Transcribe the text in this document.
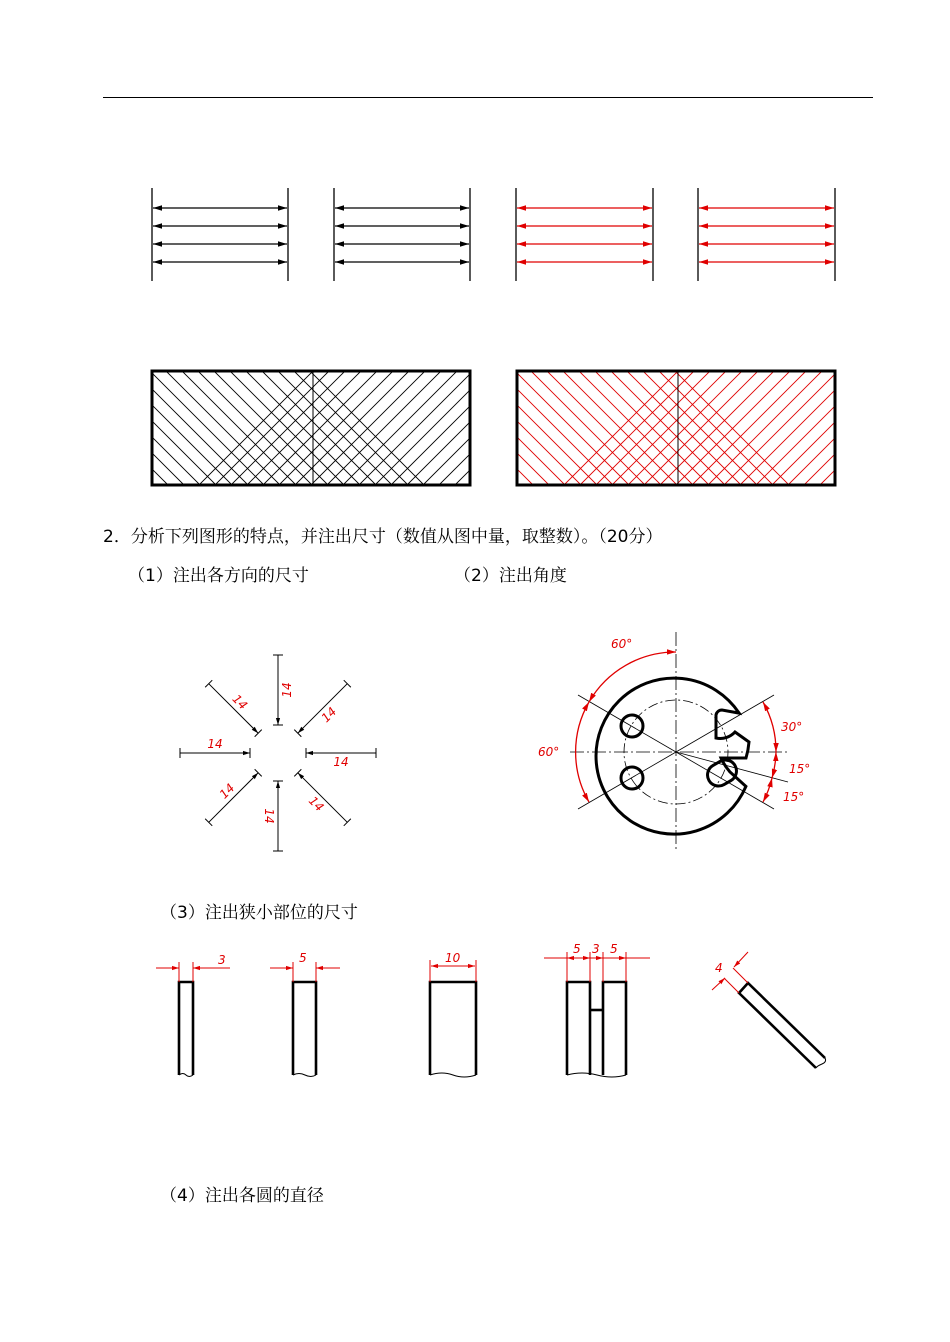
14
14
14
14
14
14
14
14
60°
60°
30°
15°
15°
3	5	10
5 3 5
4
2．分析下列图形的特点，并注出尺寸（数值从图中量，取整数）。（20分）
（1）注出各方向的尺寸	（2）注出角度
（3）注出狭小部位的尺寸
（4）注出各圆的直径
